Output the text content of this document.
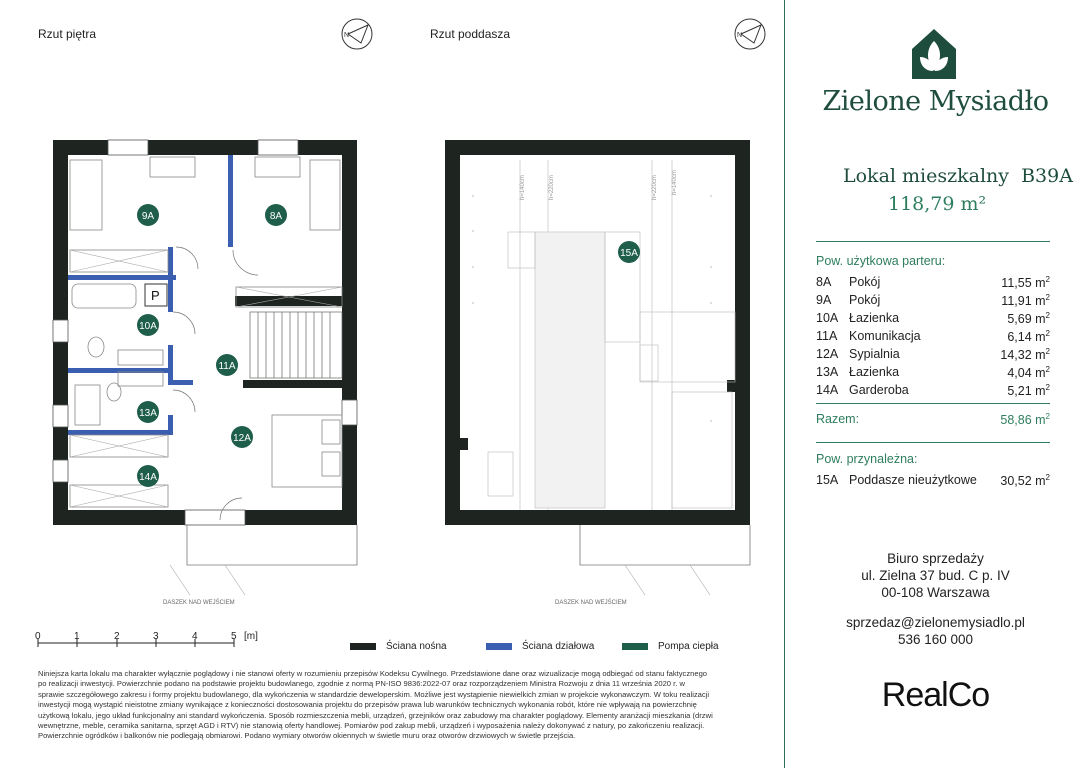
Rzut piętra	Rzut poddasza
N	N
P
DASZEK NAD WEJŚCIEM
8A
9A
10A
11A
12A
13A
14A
h=140cm	h=220cm	h=220cm h=140cm
DASZEK NAD WEJŚCIEM
15A
0	1	2	3	4	5 [m]
Ściana nośna	Ściana działowa	Pompa ciepła
Niniejsza karta lokalu ma charakter wyłącznie poglądowy i nie stanowi oferty w rozumieniu przepisów Kodeksu Cywilnego. Przedstawione dane oraz wizualizacje mogą odbiegać od stanu faktycznego po realizacji inwestycji. Powierzchnie podano na podstawie projektu budowlanego, zgodnie z normą PN-ISO 9836:2022-07 oraz rozporządzeniem Ministra Rozwoju z dnia 11 września 2020 r. w sprawie szczegółowego zakresu i formy projektu budowlanego, dla wykończenia w standardzie deweloperskim. Możliwe jest wystąpienie niewielkich zmian w projekcie wykonawczym. W toku realizacji inwestycji mogą wystąpić nieistotne zmiany wynikające z konieczności dostosowania projektu do przepisów prawa lub warunków technicznych wykonania robót, które nie wpływają na powierzchnię użytkową lokalu, jego układ funkcjonalny ani standard wykończenia. Sposób rozmieszczenia mebli, urządzeń, grzejników oraz zabudowy ma charakter poglądowy. Elementy aranżacji mieszkania (drzwi wewnętrzne, meble, ceramika sanitarna, sprzęt AGD i RTV) nie stanowią oferty handlowej. Pomiarów pod zakup mebli, urządzeń i wyposażenia należy dokonywać z natury, po zakończeniu realizacji. Powierzchnie ogródków i balkonów nie podlegają obmiarowi. Podano wymiary otworów okiennych w świetle muru oraz otworów drzwiowych w świetle przejścia.
Zielone Mysiadło
Lokal mieszkalny B39A
118,79 m²
Pow. użytkowa parteru:
8A Pokój	11,55 $m^2$
9A Pokój	11,91 $m^2$
10A Łazienka	5,69 $m^2$
11A Komunikacja	6,14 $m^2$
12A Sypialnia	14,32 $m^2$
13A Łazienka	4,04 $m^2$
14A Garderoba	5,21 $m^2$
Razem:	58,86 $m^2$
Pow. przynależna:
15A Poddasze nieużytkowe 30,52 $m^2$
Biuro sprzedaży
ul. Zielna 37 bud. C p. IV
00-108 Warszawa
sprzedaz@zielonemysiadlo.pl
536 160 000
RealCo
